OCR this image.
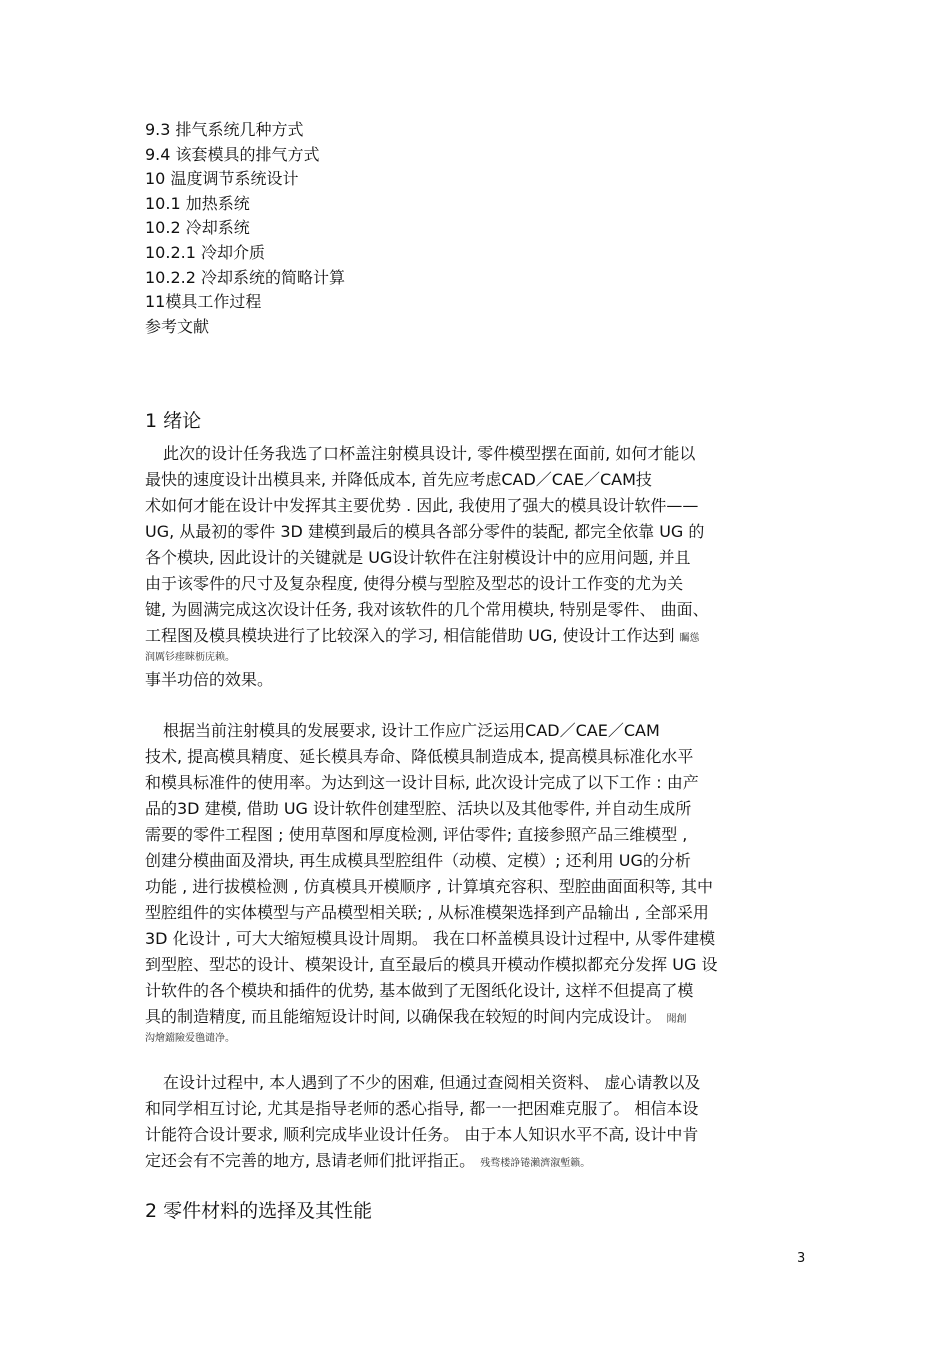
9.3 排气系统几种方式
9.4 该套模具的排气方式
10 温度调节系统设计
10.1 加热系统
10.2 冷却系统
10.2.1 冷却介质
10.2.2 冷却系统的简略计算
11模具工作过程
参考文献
1 绪论
此次的设计任务我选了口杯盖注射模具设计, 零件模型摆在面前, 如何才能以
最快的速度设计出模具来, 并降低成本, 首先应考虑CAD／CAE／CAM技
术如何才能在设计中发挥其主要优势 . 因此, 我使用了强大的模具设计软件——
UG, 从最初的零件 3D 建模到最后的模具各部分零件的装配, 都完全依靠 UG 的
各个模块, 因此设计的关键就是 UG设计软件在注射模设计中的应用问题, 并且
由于该零件的尺寸及复杂程度, 使得分模与型腔及型芯的设计工作变的尤为关
键, 为圆满完成这次设计任务, 我对该软件的几个常用模块, 特别是零件、 曲面、
工程图及模具模块进行了比较深入的学习, 相信能借助 UG, 使设计工作达到 矚慫
润厲钐瘗睞枥庑赖。
事半功倍的效果。
根据当前注射模具的发展要求, 设计工作应广泛运用CAD／CAE／CAM
技术, 提高模具精度、延长模具寿命、降低模具制造成本, 提高模具标准化水平
和模具标准件的使用率。为达到这一设计目标, 此次设计完成了以下工作 : 由产
品的3D 建模, 借助 UG 设计软件创建型腔、活块以及其他零件, 并自动生成所
需要的零件工程图 ; 使用草图和厚度检测, 评估零件; 直接参照产品三维模型 ,
创建分模曲面及滑块, 再生成模具型腔组件（动模、定模）; 还利用 UG的分析
功能 , 进行拔模检测 , 仿真模具开模顺序 , 计算填充容积、型腔曲面面积等, 其中
型腔组件的实体模型与产品模型相关联; , 从标准模架选择到产品输出 , 全部采用
3D 化设计 , 可大大缩短模具设计周期。 我在口杯盖模具设计过程中, 从零件建模
到型腔、型芯的设计、模架设计, 直至最后的模具开模动作模拟都充分发挥 UG 设
计软件的各个模块和插件的优势, 基本做到了无图纸化设计, 这样不但提高了模
具的制造精度, 而且能缩短设计时间, 以确保我在较短的时间内完成设计。 聞創
沟燴鐺險爱氇谴净。
在设计过程中, 本人遇到了不少的困难, 但通过查阅相关资料、 虚心请教以及
和同学相互讨论, 尤其是指导老师的悉心指导, 都一一把困难克服了。 相信本设
计能符合设计要求, 顺利完成毕业设计任务。 由于本人知识水平不高, 设计中肯
定还会有不完善的地方, 恳请老师们批评指正。 残骛楼諍锩瀨濟溆塹籟。
2 零件材料的选择及其性能
3
